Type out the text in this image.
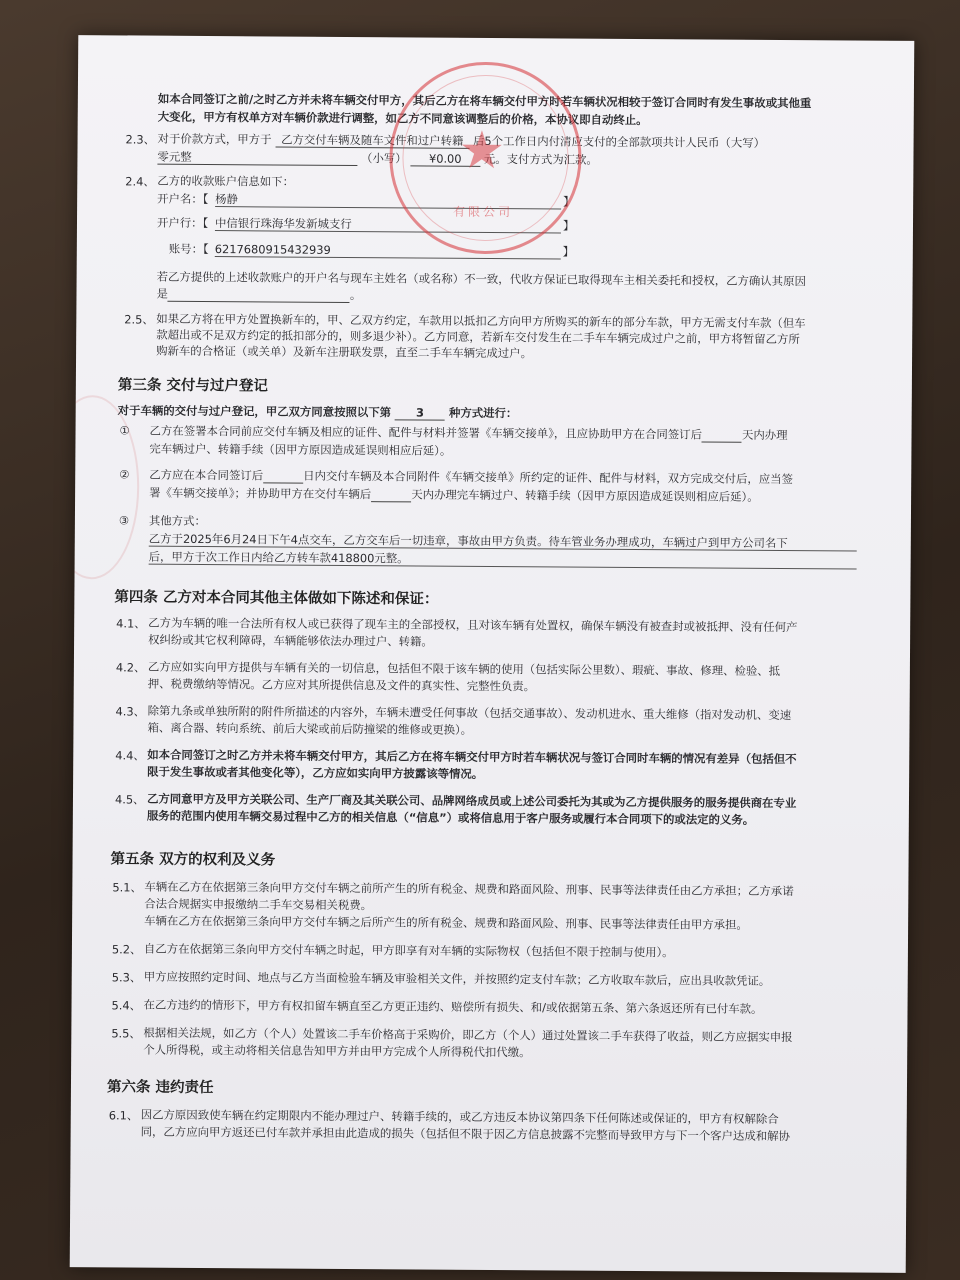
如本合同签订之前/之时乙方并未将车辆交付甲方，其后乙方在将车辆交付甲方时若车辆状况相较于签订合同时有发生事故或其他重
大变化，甲方有权单方对车辆价款进行调整，如乙方不同意该调整后的价格，本协议即自动终止。
2.3、 对于价款方式，甲方于 乙方交付车辆及随车文件和过户转籍 后5个工作日内付清应支付的全部款项共计人民币（大写）
零元整	（小写） ¥0.00 元。支付方式为汇款。
2.4、 乙方的收款账户信息如下：
开户名：【 杨静	】
开户行：【 中信银行珠海华发新城支行	】
账号：【 6217680915432939	】
若乙方提供的上述收款账户的开户名与现车主姓名（或名称）不一致，代收方保证已取得现车主相关委托和授权，乙方确认其原因
是	。
2.5、 如果乙方将在甲方处置换新车的，甲、乙双方约定，车款用以抵扣乙方向甲方所购买的新车的部分车款，甲方无需支付车款（但车
款超出或不足双方约定的抵扣部分的，则多退少补）。乙方同意，若新车交付发生在二手车车辆完成过户之前，甲方将暂留乙方所
购新车的合格证（或关单）及新车注册联发票，直至二手车车辆完成过户。
第三条 交付与过户登记
对于车辆的交付与过户登记，甲乙双方同意按照以下第 3 种方式进行：
① 乙方在签署本合同前应交付车辆及相应的证件、配件与材料并签署《车辆交接单》，且应协助甲方在合同签订后	天内办理
完车辆过户、转籍手续（因甲方原因造成延误则相应后延）。
② 乙方应在本合同签订后	日内交付车辆及本合同附件《车辆交接单》所约定的证件、配件与材料，双方完成交付后，应当签
署《车辆交接单》；并协助甲方在交付车辆后	天内办理完车辆过户、转籍手续（因甲方原因造成延误则相应后延）。
③ 其他方式：
乙方于2025年6月24日下午4点交车，乙方交车后一切违章，事故由甲方负责。待车管业务办理成功，车辆过户到甲方公司名下
后，甲方于次工作日内给乙方转车款418800元整。
第四条 乙方对本合同其他主体做如下陈述和保证：
4.1、 乙方为车辆的唯一合法所有权人或已获得了现车主的全部授权，且对该车辆有处置权，确保车辆没有被查封或被抵押、没有任何产
权纠纷或其它权利障碍，车辆能够依法办理过户、转籍。
4.2、 乙方应如实向甲方提供与车辆有关的一切信息，包括但不限于该车辆的使用（包括实际公里数）、瑕疵、事故、修理、检验、抵
押、税费缴纳等情况。乙方应对其所提供信息及文件的真实性、完整性负责。
4.3、 除第九条或单独所附的附件所描述的内容外，车辆未遭受任何事故（包括交通事故）、发动机进水、重大维修（指对发动机、变速
箱、离合器、转向系统、前后大梁或前后防撞梁的维修或更换）。
4.4、 如本合同签订之时乙方并未将车辆交付甲方，其后乙方在将车辆交付甲方时若车辆状况与签订合同时车辆的情况有差异（包括但不
限于发生事故或者其他变化等），乙方应如实向甲方披露该等情况。
4.5、 乙方同意甲方及甲方关联公司、生产厂商及其关联公司、品牌网络成员或上述公司委托为其或为乙方提供服务的服务提供商在专业
服务的范围内使用车辆交易过程中乙方的相关信息（“信息”）或将信息用于客户服务或履行本合同项下的或法定的义务。
第五条 双方的权利及义务
5.1、 车辆在乙方在依据第三条向甲方交付车辆之前所产生的所有税金、规费和路面风险、刑事、民事等法律责任由乙方承担；乙方承诺
合法合规据实申报缴纳二手车交易相关税费。
车辆在乙方在依据第三条向甲方交付车辆之后所产生的所有税金、规费和路面风险、刑事、民事等法律责任由甲方承担。
5.2、 自乙方在依据第三条向甲方交付车辆之时起，甲方即享有对车辆的实际物权（包括但不限于控制与使用）。
5.3、 甲方应按照约定时间、地点与乙方当面检验车辆及审验相关文件，并按照约定支付车款；乙方收取车款后，应出具收款凭证。
5.4、 在乙方违约的情形下，甲方有权扣留车辆直至乙方更正违约、赔偿所有损失、和/或依据第五条、第六条返还所有已付车款。
5.5、 根据相关法规，如乙方（个人）处置该二手车价格高于采购价，即乙方（个人）通过处置该二手车获得了收益，则乙方应据实申报
个人所得税，或主动将相关信息告知甲方并由甲方完成个人所得税代扣代缴。
第六条 违约责任
6.1、 因乙方原因致使车辆在约定期限内不能办理过户、转籍手续的，或乙方违反本协议第四条下任何陈述或保证的，甲方有权解除合
同，乙方应向甲方返还已付车款并承担由此造成的损失（包括但不限于因乙方信息披露不完整而导致甲方与下一个客户达成和解协
★
有限公司
